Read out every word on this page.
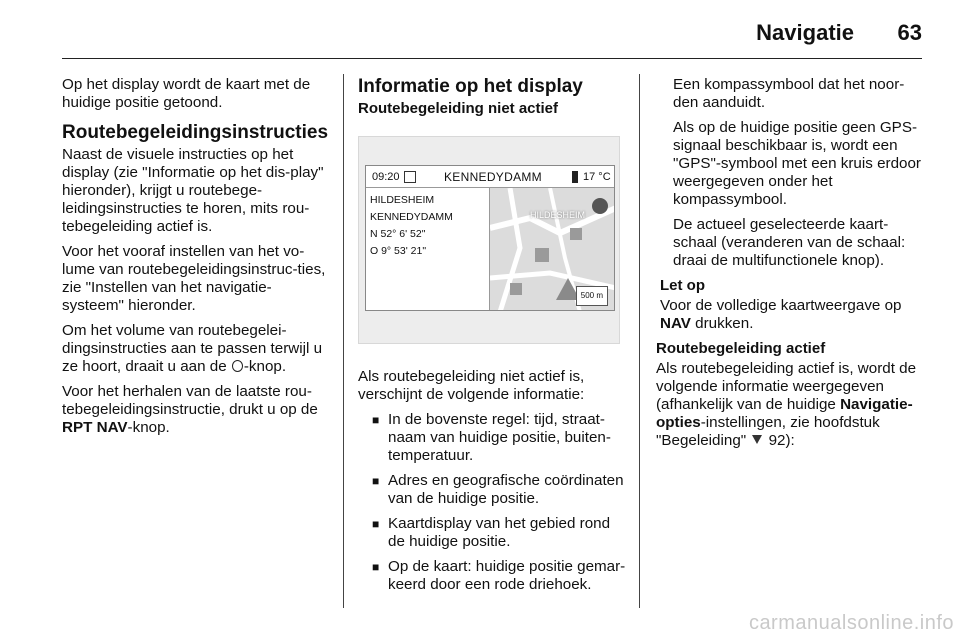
Navigatie 63

Op het display wordt de kaart met de huidige positie getoond.

Routebegeleidingsinstructies

Naast de visuele instructies op het display (zie "Informatie op het dis-play" hieronder), krijgt u routebege-leidingsinstructies te horen, mits rou-tebegeleiding actief is.

Voor het vooraf instellen van het vo-lume van routebegeleidingsinstruc-ties, zie "Instellen van het navigatie-systeem" hieronder.

Om het volume van routebegelei-dingsinstructies aan te passen terwijl u ze hoort, draait u aan de -knop.

Voor het herhalen van de laatste rou-tebegeleidingsinstructie, drukt u op de RPT NAV-knop.

Informatie op het display
Routebegeleiding niet actief
09:20	KENNEDYDAMM	17 °C
HILDESHEIM
KENNEDYDAMM
N 52° 6' 52"
O 9° 53' 21"
HILDESHEIM
500 m

Als routebegeleiding niet actief is, verschijnt de volgende informatie:

■ In de bovenste regel: tijd, straat-naam van huidige positie, buiten-temperatuur.
■ Adres en geografische coördinaten van de huidige positie.
■ Kaartdisplay van het gebied rond de huidige positie.
■ Op de kaart: huidige positie gemar-keerd door een rode driehoek.

Een kompassymbool dat het noor-den aanduidt.

Als op de huidige positie geen GPS-signaal beschikbaar is, wordt een "GPS"-symbool met een kruis erdoor weergegeven onder het kompassymbool.

De actueel geselecteerde kaart-schaal (veranderen van de schaal: draai de multifunctionele knop).

Let op

Voor de volledige kaartweergave op NAV drukken.

Routebegeleiding actief

Als routebegeleiding actief is, wordt de volgende informatie weergegeven (afhankelijk van de huidige Navigatie-opties-instellingen, zie hoofdstuk "Begeleiding"  92):

carmanualsonline.info
